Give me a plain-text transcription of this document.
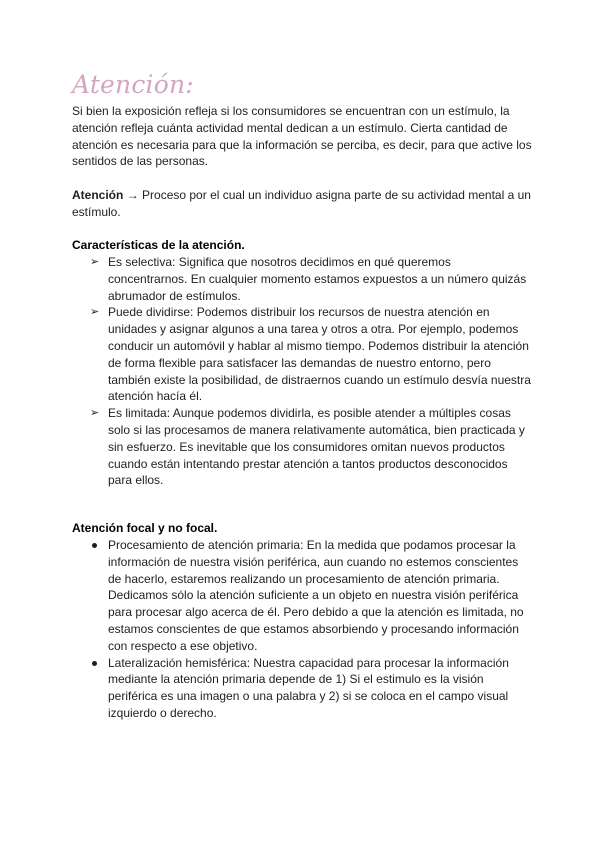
Atención:

Si bien la exposición refleja si los consumidores se encuentran con un estímulo, la atención refleja cuánta actividad mental dedican a un estímulo. Cierta cantidad de atención es necesaria para que la información se perciba, es decir, para que active los sentidos de las personas.

Atención → Proceso por el cual un individuo asigna parte de su actividad mental a un estímulo.

Características de la atención.
➢ Es selectiva: Significa que nosotros decidimos en qué queremos concentrarnos. En cualquier momento estamos expuestos a un número quizás abrumador de estímulos.
➢ Puede dividirse: Podemos distribuir los recursos de nuestra atención en unidades y asignar algunos a una tarea y otros a otra. Por ejemplo, podemos conducir un automóvil y hablar al mismo tiempo. Podemos distribuir la atención de forma flexible para satisfacer las demandas de nuestro entorno, pero también existe la posibilidad, de distraernos cuando un estímulo desvía nuestra atención hacía él.
➢ Es limitada: Aunque podemos dividirla, es posible atender a múltiples cosas solo si las procesamos de manera relativamente automática, bien practicada y sin esfuerzo. Es inevitable que los consumidores omitan nuevos productos cuando están intentando prestar atención a tantos productos desconocidos para ellos.
Atención focal y no focal.
Procesamiento de atención primaria: En la medida que podamos procesar la información de nuestra visión periférica, aun cuando no estemos conscientes de hacerlo, estaremos realizando un procesamiento de atención primaria. Dedicamos sólo la atención suficiente a un objeto en nuestra visión periférica para procesar algo acerca de él. Pero debido a que la atención es limitada, no estamos conscientes de que estamos absorbiendo y procesando información con respecto a ese objetivo.
Lateralización hemisférica: Nuestra capacidad para procesar la información mediante la atención primaria depende de 1) Si el estimulo es la visión periférica es una imagen o una palabra y 2) si se coloca en el campo visual izquierdo o derecho.
